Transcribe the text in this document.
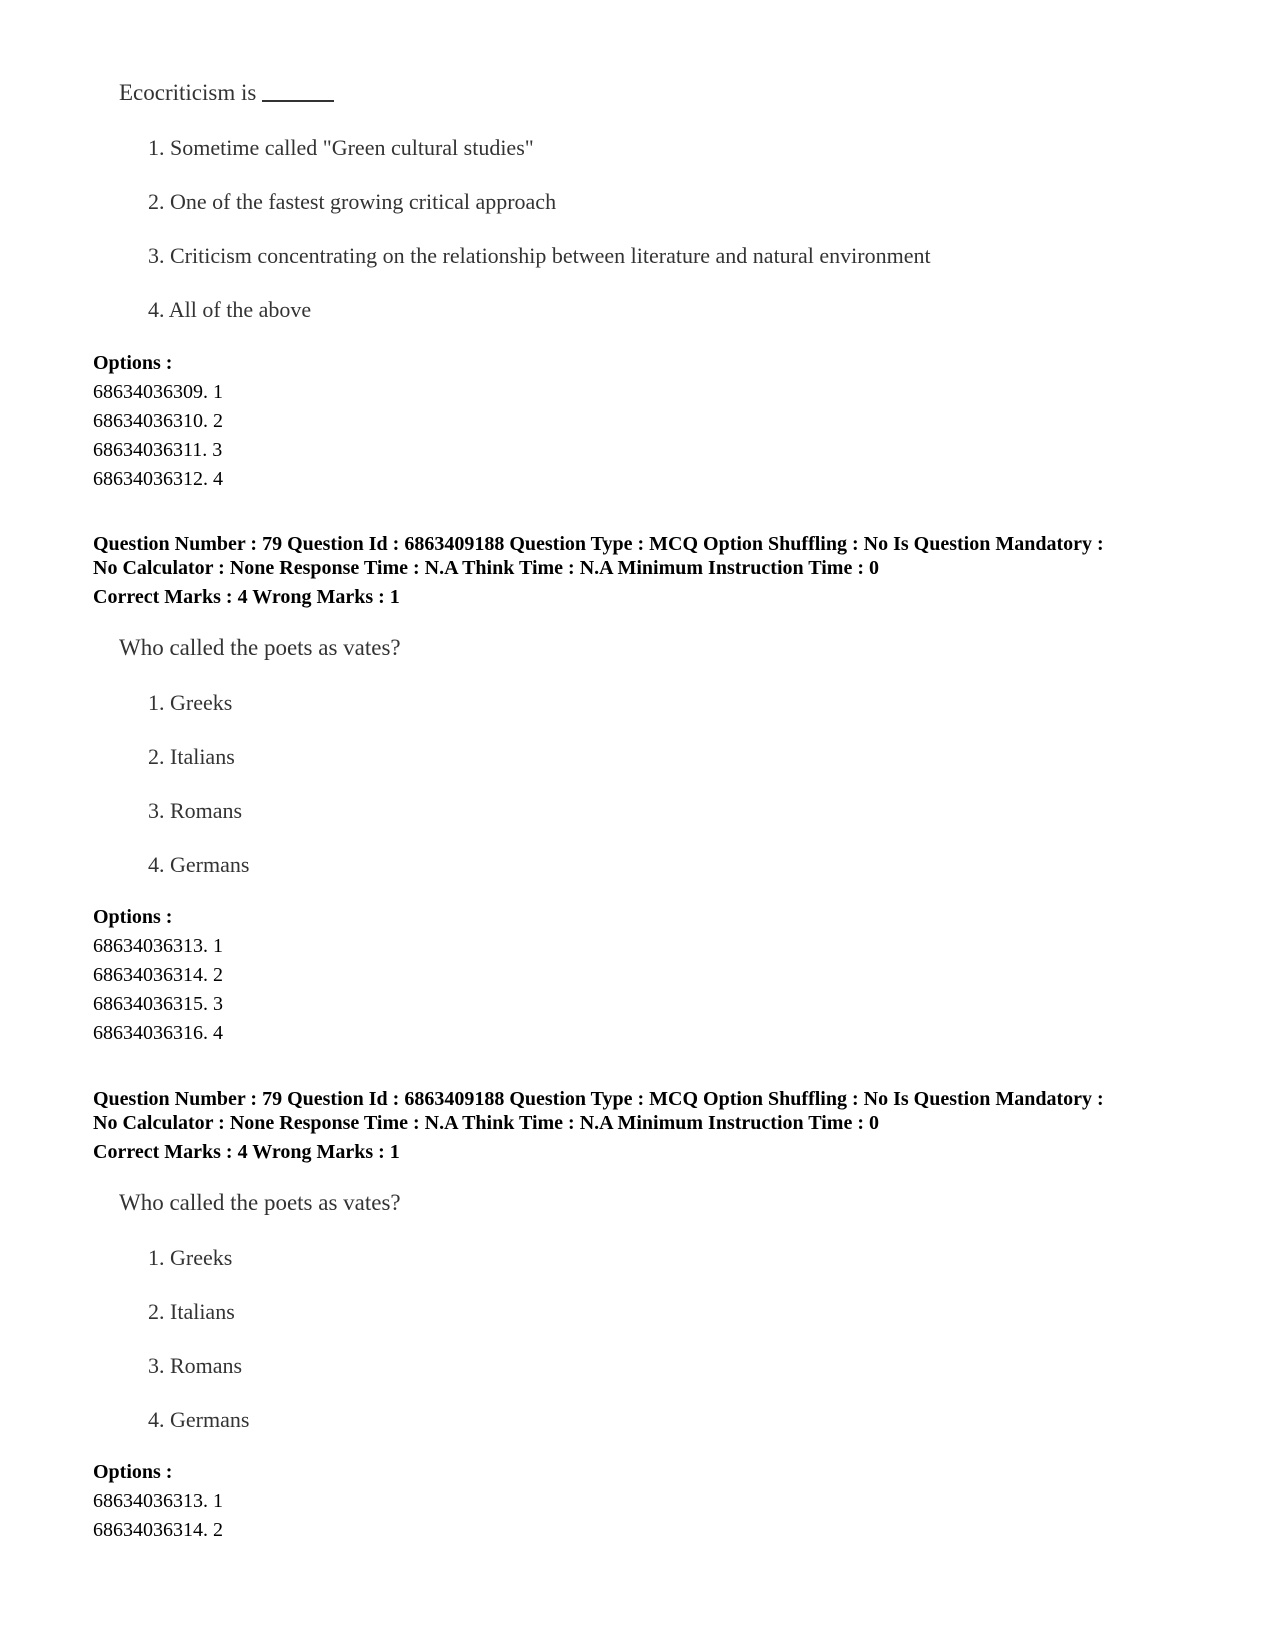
Ecocriticism is
1. Sometime called "Green cultural studies"
2. One of the fastest growing critical approach
3. Criticism concentrating on the relationship between literature and natural environment
4. All of the above
Options :
68634036309. 1
68634036310. 2
68634036311. 3
68634036312. 4
Question Number : 79 Question Id : 6863409188 Question Type : MCQ Option Shuffling : No Is Question Mandatory :
No Calculator : None Response Time : N.A Think Time : N.A Minimum Instruction Time : 0
Correct Marks : 4 Wrong Marks : 1
Who called the poets as vates?
1. Greeks
2. Italians
3. Romans
4. Germans
Options :
68634036313. 1
68634036314. 2
68634036315. 3
68634036316. 4
Question Number : 79 Question Id : 6863409188 Question Type : MCQ Option Shuffling : No Is Question Mandatory :
No Calculator : None Response Time : N.A Think Time : N.A Minimum Instruction Time : 0
Correct Marks : 4 Wrong Marks : 1
Who called the poets as vates?
1. Greeks
2. Italians
3. Romans
4. Germans
Options :
68634036313. 1
68634036314. 2
